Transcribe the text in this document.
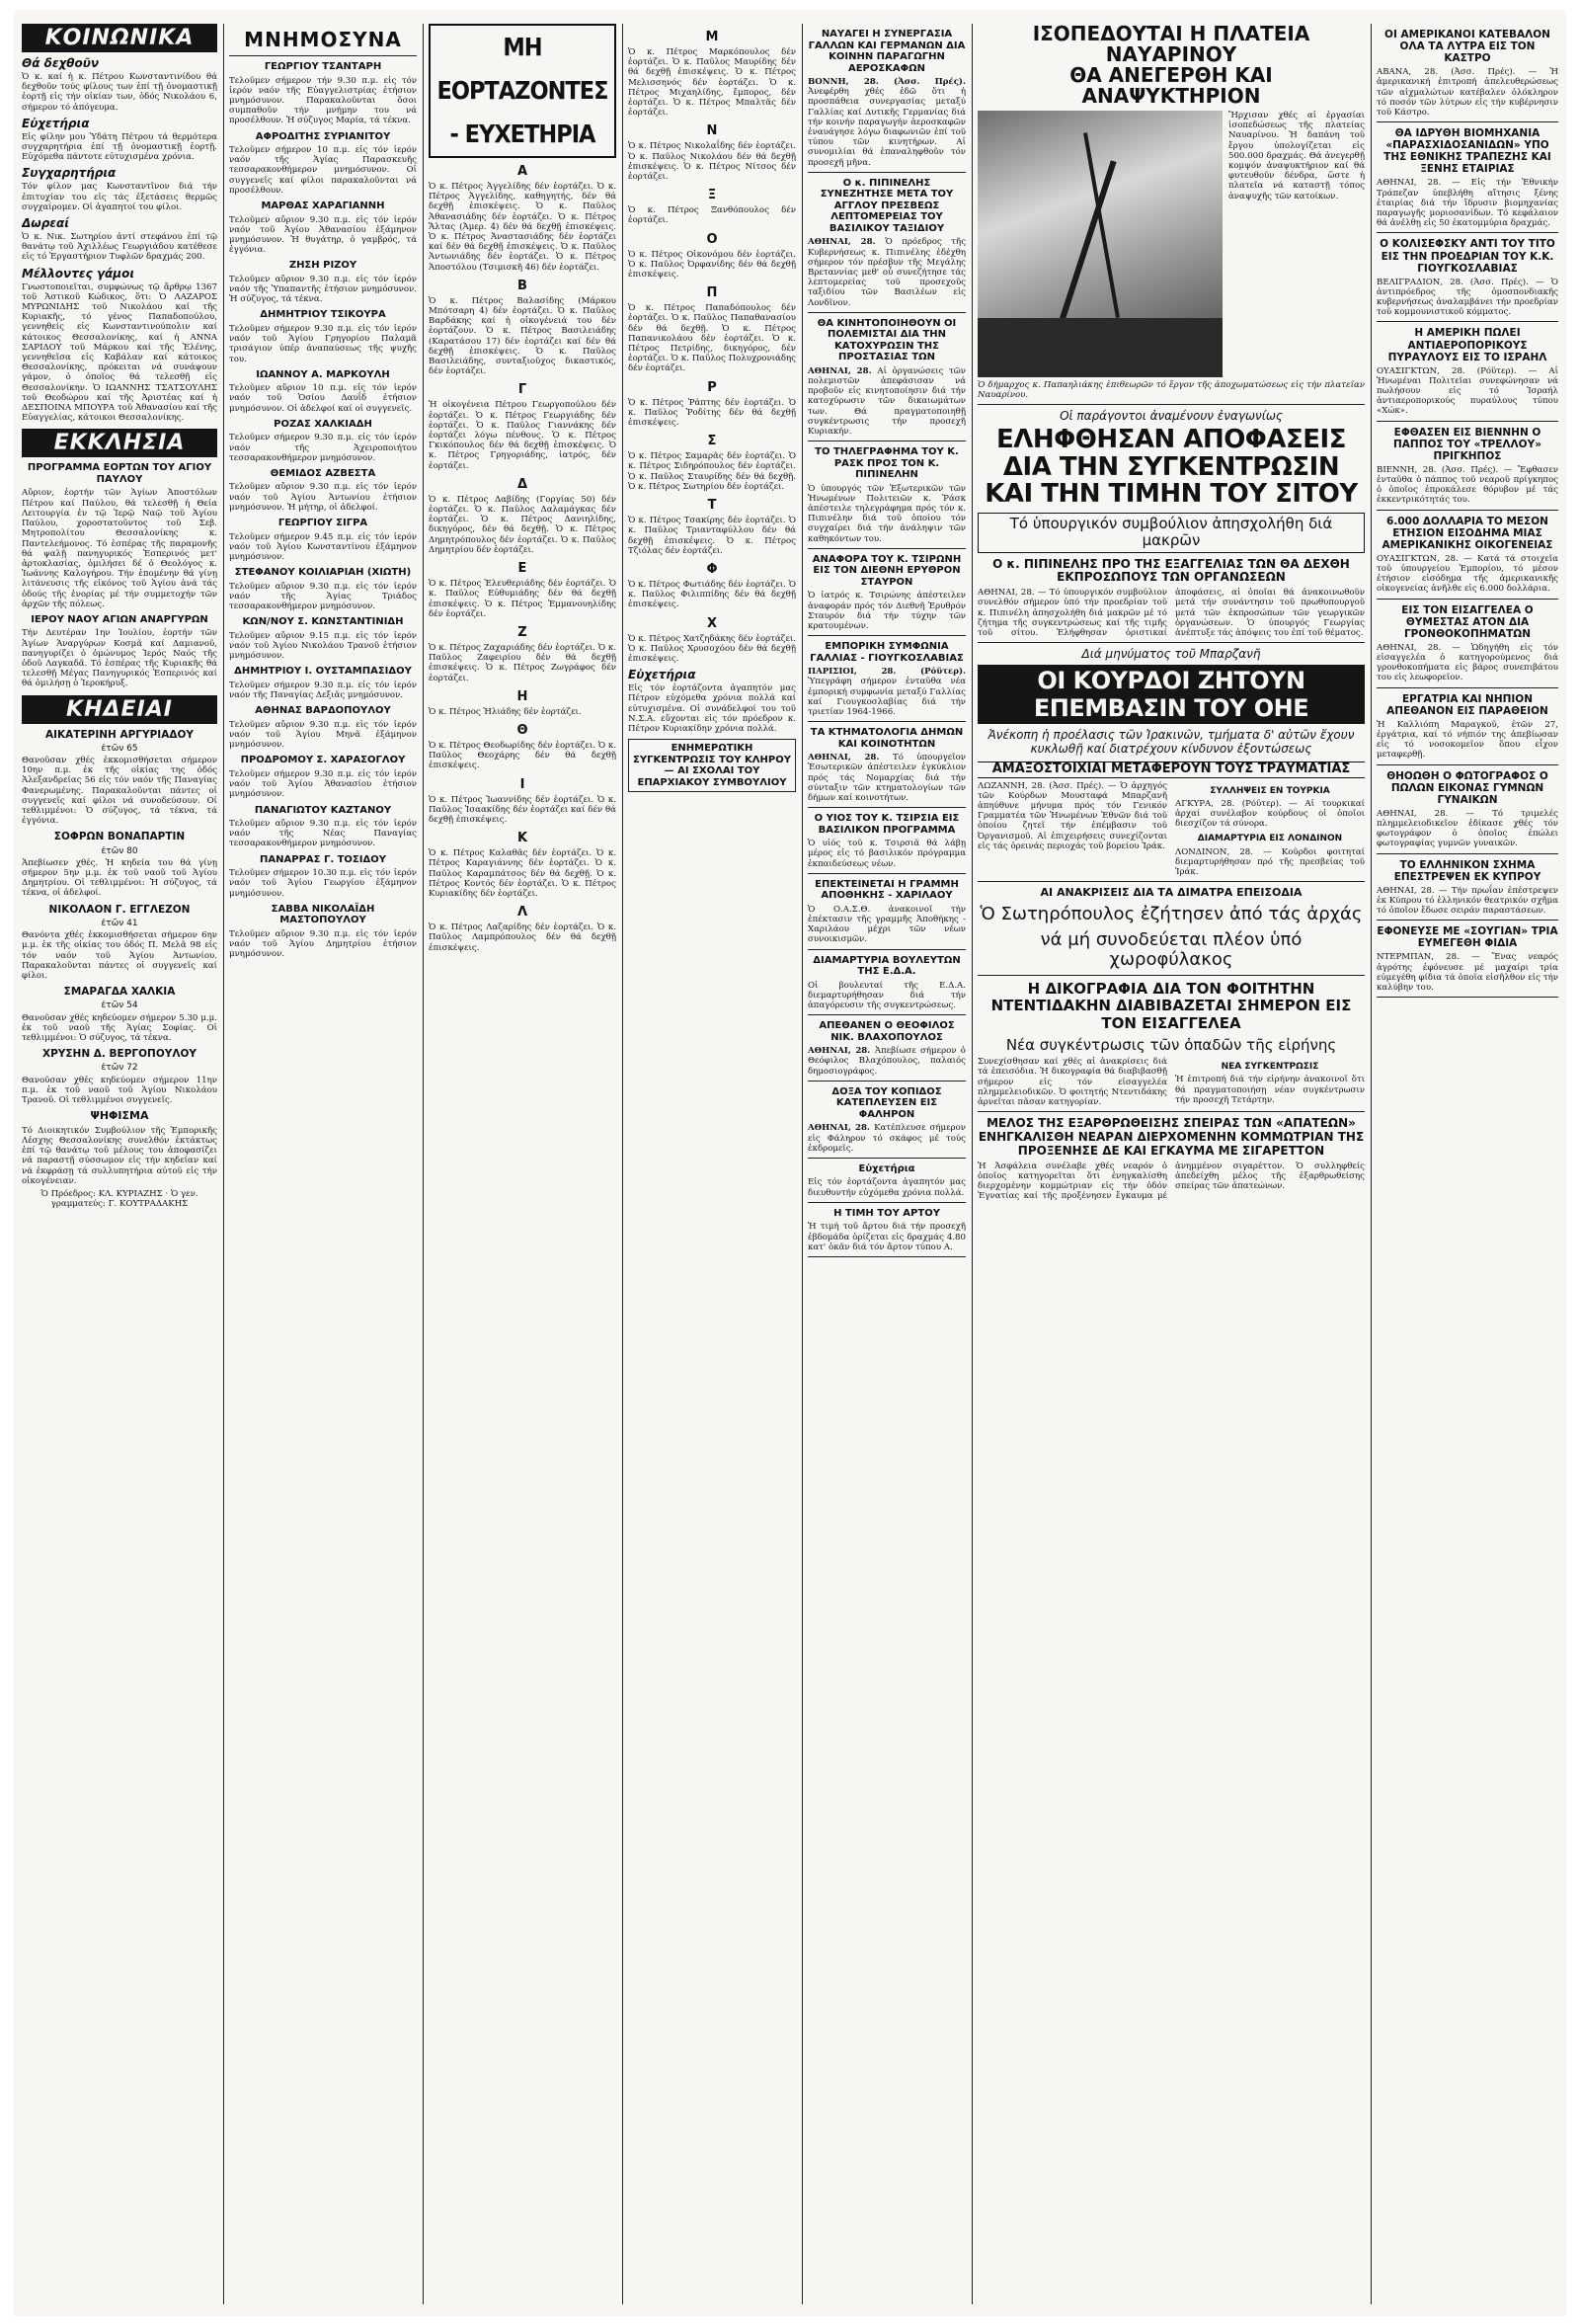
ΚΟΙΝΩΝΙΚΑ
Θά δεχθοῦν
Ὁ κ. καί ἡ κ. Πέτρου Κωνσταντινίδου θά δεχθοῦν τούς φίλους των ἐπί τῇ ὀνομαστικῇ ἑορτῇ εἰς τήν οἰκίαν των, ὁδός Νικολάου 6, σήμερον τό ἀπόγευμα.
Εὐχετήρια
Εἰς φίλην μου Ὑδάτη Πέτρου τά θερμότερα συγχαρητήρια ἐπί τῇ ὀνομαστικῇ ἑορτῇ. Εὐχόμεθα πάντοτε εὐτυχισμένα χρόνια.
Συγχαρητήρια
Τόν φίλον μας Κωνσταντῖνον διά τήν ἐπιτυχίαν του εἰς τάς ἐξετάσεις θερμῶς συγχαίρομεν. Οἱ ἀγαπητοί του φίλοι.
Δωρεαί
Ὁ κ. Νικ. Σωτηρίου ἀντί στεφάνου ἐπί τῷ θανάτῳ τοῦ Ἀχιλλέως Γεωργιάδου κατέθεσε εἰς τό Ἐργαστήριον Τυφλῶν δραχμάς 200.
Μέλλοντες γάμοι
Γνωστοποιεῖται, συμφώνως τῷ ἄρθρῳ 1367 τοῦ Ἀστικοῦ Κώδικος, ὅτι: Ὁ ΛΑΖΑΡΟΣ ΜΥΡΩΝΙΔΗΣ τοῦ Νικολάου καί τῆς Κυριακῆς, τό γένος Παπαδοπούλου, γεννηθείς εἰς Κωνσταντινούπολιν καί κάτοικος Θεσσαλονίκης, καί ἡ ΑΝΝΑ ΣΑΡΙΔΟΥ τοῦ Μάρκου καί τῆς Ἑλένης, γεννηθεῖσα εἰς Καβάλαν καί κάτοικος Θεσσαλονίκης, πρόκειται νά συνάψουν γάμον, ὁ ὁποῖος θά τελεσθῇ εἰς Θεσσαλονίκην. Ὁ ΙΩΑΝΝΗΣ ΤΣΑΤΣΟΥΛΗΣ τοῦ Θεοδώρου καί τῆς Ἀριστέας καί ἡ ΔΕΣΠΟΙΝΑ ΜΠΟΥΡΑ τοῦ Ἀθανασίου καί τῆς Εὐαγγελίας, κάτοικοι Θεσσαλονίκης.
ΕΚΚΛΗΣΙΑ
ΠΡΟΓΡΑΜΜΑ ΕΟΡΤΩΝ ΤΟΥ ΑΓΙΟΥ ΠΑΥΛΟΥ
Αὔριον, ἑορτήν τῶν Ἁγίων Ἀποστόλων Πέτρου καί Παύλου, θά τελεσθῇ ἡ Θεία Λειτουργία ἐν τῷ Ἱερῷ Ναῷ τοῦ Ἁγίου Παύλου, χοροστατοῦντος τοῦ Σεβ. Μητροπολίτου Θεσσαλονίκης κ. Παντελεήμονος. Τό ἑσπέρας τῆς παραμονῆς θά ψαλῇ πανηγυρικός Ἑσπερινός μετ' ἀρτοκλασίας, ὁμιλήσει δέ ὁ Θεολόγος κ. Ἰωάννης Καλογήρου. Τήν ἐπομένην θά γίνῃ λιτάνευσις τῆς εἰκόνος τοῦ Ἁγίου ἀνά τάς ὁδούς τῆς ἐνορίας μέ τήν συμμετοχήν τῶν ἀρχῶν τῆς πόλεως.
ΙΕΡΟΥ ΝΑΟΥ ΑΓΙΩΝ ΑΝΑΡΓΥΡΩΝ
Τήν Δευτέραν 1ην Ἰουλίου, ἑορτήν τῶν Ἁγίων Ἀναργύρων Κοσμᾶ καί Δαμιανοῦ, πανηγυρίζει ὁ ὁμώνυμος Ἱερός Ναός τῆς ὁδοῦ Λαγκαδᾶ. Τό ἑσπέρας τῆς Κυριακῆς θά τελεσθῇ Μέγας Πανηγυρικός Ἑσπερινός καί θά ὁμιλήσῃ ὁ Ἱεροκήρυξ.
ΚΗΔΕΙΑΙ
ΑΙΚΑΤΕΡΙΝΗ ΑΡΓΥΡΙΑΔΟΥ
ἐτῶν 65
Θανοῦσαν χθές ἐκκομισθήσεται σήμερον 10ην π.μ. ἐκ τῆς οἰκίας της ὁδός Ἀλεξανδρείας 56 εἰς τόν ναόν τῆς Παναγίας Φανερωμένης. Παρακαλοῦνται πάντες οἱ συγγενεῖς καί φίλοι νά συνοδεύσουν. Οἱ τεθλιμμένοι: Ὁ σύζυγος, τά τέκνα, τά ἐγγόνια.
ΣΟΦΡΩΝ ΒΟΝΑΠΑΡΤΙΝ
ἐτῶν 80
Ἀπεβίωσεν χθές. Ἡ κηδεία του θά γίνῃ σήμερον 5ην μ.μ. ἐκ τοῦ ναοῦ τοῦ Ἁγίου Δημητρίου. Οἱ τεθλιμμένοι: Ἡ σύζυγος, τά τέκνα, οἱ ἀδελφοί.
ΝΙΚΟΛΑΟΝ Γ. ΕΓΓΛΕΖΟΝ
ἐτῶν 41
Θανόντα χθές ἐκκομισθήσεται σήμερον 6ην μ.μ. ἐκ τῆς οἰκίας του ὁδός Π. Μελᾶ 98 εἰς τόν ναόν τοῦ Ἁγίου Ἀντωνίου. Παρακαλοῦνται πάντες οἱ συγγενεῖς καί φίλοι.
ΣΜΑΡΑΓΔΑ ΧΑΛΚΙΑ
ἐτῶν 54
Θανοῦσαν χθές κηδεύομεν σήμερον 5.30 μ.μ. ἐκ τοῦ ναοῦ τῆς Ἁγίας Σοφίας. Οἱ τεθλιμμένοι: Ὁ σύζυγος, τά τέκνα.
ΧΡΥΣΗΝ Δ. ΒΕΡΓΟΠΟΥΛΟΥ
ἐτῶν 72
Θανοῦσαν χθές κηδεύομεν σήμερον 11ην π.μ. ἐκ τοῦ ναοῦ τοῦ Ἁγίου Νικολάου Τρανοῦ. Οἱ τεθλιμμένοι συγγενεῖς.
ΨΗΦΙΣΜΑ
Τό Διοικητικόν Συμβούλιον τῆς Ἐμπορικῆς Λέσχης Θεσσαλονίκης συνελθόν ἐκτάκτως ἐπί τῷ θανάτῳ τοῦ μέλους του ἀποφασίζει νά παραστῇ σύσσωμον εἰς τήν κηδείαν καί νά ἐκφράσῃ τά συλλυπητήρια αὐτοῦ εἰς τήν οἰκογένειαν.
Ὁ Πρόεδρος: ΚΛ. ΚΥΡΙΑΖΗΣ · Ὁ γεν. γραμματεύς: Γ. ΚΟΥΤΡΑΔΑΚΗΣ
ΜΝΗΜΟΣΥΝΑ
ΓΕΩΡΓΙΟΥ ΤΣΑΝΤΑΡΗ
Τελοῦμεν σήμερον τήν 9.30 π.μ. εἰς τόν ἱερόν ναόν τῆς Εὐαγγελιστρίας ἐτήσιον μνημόσυνον. Παρακαλοῦνται ὅσοι συμπαθοῦν τήν μνήμην του νά προσέλθουν. Ἡ σύζυγος Μαρία, τά τέκνα.
ΑΦΡΟΔΙΤΗΣ ΣΥΡΙΑΝΙΤΟΥ
Τελοῦμεν σήμερον 10 π.μ. εἰς τόν ἱερόν ναόν τῆς Ἁγίας Παρασκευῆς τεσσαρακονθήμερον μνημόσυνον. Οἱ συγγενεῖς καί φίλοι παρακαλοῦνται νά προσέλθουν.
ΜΑΡΘΑΣ ΧΑΡΑΓΙΑΝΝΗ
Τελοῦμεν αὔριον 9.30 π.μ. εἰς τόν ἱερόν ναόν τοῦ Ἁγίου Ἀθανασίου ἐξάμηνον μνημόσυνον. Ἡ θυγάτηρ, ὁ γαμβρός, τά ἐγγόνια.
ΖΗΣΗ ΡΙΖΟΥ
Τελοῦμεν αὔριον 9.30 π.μ. εἰς τόν ἱερόν ναόν τῆς Ὑπαπαντῆς ἐτήσιον μνημόσυνον. Ἡ σύζυγος, τά τέκνα.
ΔΗΜΗΤΡΙΟΥ ΤΣΙΚΟΥΡΑ
Τελοῦμεν σήμερον 9.30 π.μ. εἰς τόν ἱερόν ναόν τοῦ Ἁγίου Γρηγορίου Παλαμᾶ τρισάγιον ὑπέρ ἀναπαύσεως τῆς ψυχῆς του.
ΙΩΑΝΝΟΥ Α. ΜΑΡΚΟΥΛΗ
Τελοῦμεν αὔριον 10 π.μ. εἰς τόν ἱερόν ναόν τοῦ Ὁσίου Δαυΐδ ἐτήσιον μνημόσυνον. Οἱ ἀδελφοί καί οἱ συγγενεῖς.
ΡΟΖΑΣ ΧΑΛΚΙΑΔΗ
Τελοῦμεν σήμερον 9.30 π.μ. εἰς τόν ἱερόν ναόν τῆς Ἀχειροποιήτου τεσσαρακονθήμερον μνημόσυνον.
ΘΕΜΙΔΟΣ ΑΖΒΕΣΤΑ
Τελοῦμεν αὔριον 9.30 π.μ. εἰς τόν ἱερόν ναόν τοῦ Ἁγίου Ἀντωνίου ἐτήσιον μνημόσυνον. Ἡ μήτηρ, οἱ ἀδελφοί.
ΓΕΩΡΓΙΟΥ ΣΙΓΡΑ
Τελοῦμεν σήμερον 9.45 π.μ. εἰς τόν ἱερόν ναόν τοῦ Ἁγίου Κωνσταντίνου ἐξάμηνον μνημόσυνον.
ΣΤΕΦΑΝΟΥ ΚΟΙΛΙΑΡΙΑΗ (ΧΙΩΤΗ)
Τελοῦμεν αὔριον 9.30 π.μ. εἰς τόν ἱερόν ναόν τῆς Ἁγίας Τριάδος τεσσαρακονθήμερον μνημόσυνον.
ΚΩΝ/ΝΟΥ Σ. ΚΩΝΣΤΑΝΤΙΝΙΔΗ
Τελοῦμεν αὔριον 9.15 π.μ. εἰς τόν ἱερόν ναόν τοῦ Ἁγίου Νικολάου Τρανοῦ ἐτήσιον μνημόσυνον.
ΔΗΜΗΤΡΙΟΥ Ι. ΟΥΣΤΑΜΠΑΣΙΔΟΥ
Τελοῦμεν σήμερον 9.30 π.μ. εἰς τόν ἱερόν ναόν τῆς Παναγίας Δεξιᾶς μνημόσυνον.
ΑΘΗΝΑΣ ΒΑΡΔΟΠΟΥΛΟΥ
Τελοῦμεν αὔριον 9.30 π.μ. εἰς τόν ἱερόν ναόν τοῦ Ἁγίου Μηνᾶ ἐξάμηνον μνημόσυνον.
ΠΡΟΔΡΟΜΟΥ Σ. ΧΑΡΑΣΟΓΛΟΥ
Τελοῦμεν σήμερον 9.30 π.μ. εἰς τόν ἱερόν ναόν τοῦ Ἁγίου Ἀθανασίου ἐτήσιον μνημόσυνον.
ΠΑΝΑΓΙΩΤΟΥ ΚΑΖΤΑΝΟΥ
Τελοῦμεν αὔριον 9.30 π.μ. εἰς τόν ἱερόν ναόν τῆς Νέας Παναγίας τεσσαρακονθήμερον μνημόσυνον.
ΠΑΝΑΡΡΑΣ Γ. ΤΟΣΙΔΟΥ
Τελοῦμεν σήμερον 10.30 π.μ. εἰς τόν ἱερόν ναόν τοῦ Ἁγίου Γεωργίου ἐξάμηνον μνημόσυνον.
ΣΑΒΒΑ ΝΙΚΟΛΑΪΔΗ ΜΑΣΤΟΠΟΥΛΟΥ
Τελοῦμεν αὔριον 9.30 π.μ. εἰς τόν ἱερόν ναόν τοῦ Ἁγίου Δημητρίου ἐτήσιον μνημόσυνον.
ΜΗ ΕΟΡΤΑΖΟΝΤΕΣ - ΕΥΧΕΤΗΡΙΑ
Α
Ὁ κ. Πέτρος Ἀγγελίδης δέν ἑορτάζει. Ὁ κ. Πέτρος Ἀγγελίδης, καθηγητής, δέν θά δεχθῇ ἐπισκέψεις. Ὁ κ. Παῦλος Ἀθανασιάδης δέν ἑορτάζει. Ὁ κ. Πέτρος Ἄλτας (Ἀμερ. 4) δέν θά δεχθῇ ἐπισκέψεις. Ὁ κ. Πέτρος Ἀναστασιάδης δέν ἑορτάζει καί δέν θά δεχθῇ ἐπισκέψεις. Ὁ κ. Παῦλος Ἀντωνιάδης δέν ἑορτάζει. Ὁ κ. Πέτρος Ἀποστόλου (Τσιμισκῆ 46) δέν ἑορτάζει.
Β
Ὁ κ. Πέτρος Βαλασίδης (Μάρκου Μπότσαρη 4) δέν ἑορτάζει. Ὁ κ. Παῦλος Βαρδάκης καί ἡ οἰκογένειά του δέν ἑορτάζουν. Ὁ κ. Πέτρος Βασιλειάδης (Καρατάσου 17) δέν ἑορτάζει καί δέν θά δεχθῇ ἐπισκέψεις. Ὁ κ. Παῦλος Βασιλειάδης, συνταξιοῦχος δικαστικός, δέν ἑορτάζει.
Γ
Ἡ οἰκογένεια Πέτρου Γεωργοπούλου δέν ἑορτάζει. Ὁ κ. Πέτρος Γεωργιάδης δέν ἑορτάζει. Ὁ κ. Παῦλος Γιαννάκης δέν ἑορτάζει λόγω πένθους. Ὁ κ. Πέτρος Γκικόπουλος δέν θά δεχθῇ ἐπισκέψεις. Ὁ κ. Πέτρος Γρηγοριάδης, ἰατρός, δέν ἑορτάζει.
Δ
Ὁ κ. Πέτρος Δαβίδης (Γοργίας 50) δέν ἑορτάζει. Ὁ κ. Παῦλος Δαλαμάγκας δέν ἑορτάζει. Ὁ κ. Πέτρος Δανιηλίδης, δικηγόρος, δέν θά δεχθῇ. Ὁ κ. Πέτρος Δημητρόπουλος δέν ἑορτάζει. Ὁ κ. Παῦλος Δημητρίου δέν ἑορτάζει.
Ε
Ὁ κ. Πέτρος Ἐλευθεριάδης δέν ἑορτάζει. Ὁ κ. Παῦλος Εὐθυμιάδης δέν θά δεχθῇ ἐπισκέψεις. Ὁ κ. Πέτρος Ἐμμανουηλίδης δέν ἑορτάζει.
Ζ
Ὁ κ. Πέτρος Ζαχαριάδης δέν ἑορτάζει. Ὁ κ. Παῦλος Ζαφειρίου δέν θά δεχθῇ ἐπισκέψεις. Ὁ κ. Πέτρος Ζωγράφος δέν ἑορτάζει.
Η
Ὁ κ. Πέτρος Ἡλιάδης δέν ἑορτάζει.
Θ
Ὁ κ. Πέτρος Θεοδωρίδης δέν ἑορτάζει. Ὁ κ. Παῦλος Θεοχάρης δέν θά δεχθῇ ἐπισκέψεις.
Ι
Ὁ κ. Πέτρος Ἰωαννίδης δέν ἑορτάζει. Ὁ κ. Παῦλος Ἰσαακίδης δέν ἑορτάζει καί δέν θά δεχθῇ ἐπισκέψεις.
Κ
Ὁ κ. Πέτρος Καλαθᾶς δέν ἑορτάζει. Ὁ κ. Πέτρος Καραγιάννης δέν ἑορτάζει. Ὁ κ. Παῦλος Καραμπάτσος δέν θά δεχθῇ. Ὁ κ. Πέτρος Κοντός δέν ἑορτάζει. Ὁ κ. Πέτρος Κυριακίδης δέν ἑορτάζει.
Λ
Ὁ κ. Πέτρος Λαζαρίδης δέν ἑορτάζει. Ὁ κ. Παῦλος Λαμπρόπουλος δέν θά δεχθῇ ἐπισκέψεις.
Μ
Ὁ κ. Πέτρος Μαρκόπουλος δέν ἑορτάζει. Ὁ κ. Παῦλος Μαυρίδης δέν θά δεχθῇ ἐπισκέψεις. Ὁ κ. Πέτρος Μελισσηνός δέν ἑορτάζει. Ὁ κ. Πέτρος Μιχαηλίδης, ἔμπορος, δέν ἑορτάζει. Ὁ κ. Πέτρος Μπαλτᾶς δέν ἑορτάζει.
Ν
Ὁ κ. Πέτρος Νικολαΐδης δέν ἑορτάζει. Ὁ κ. Παῦλος Νικολάου δέν θά δεχθῇ ἐπισκέψεις. Ὁ κ. Πέτρος Νίτσος δέν ἑορτάζει.
Ξ
Ὁ κ. Πέτρος Ξανθόπουλος δέν ἑορτάζει.
Ο
Ὁ κ. Πέτρος Οἰκονόμου δέν ἑορτάζει. Ὁ κ. Παῦλος Ὀρφανίδης δέν θά δεχθῇ ἐπισκέψεις.
Π
Ὁ κ. Πέτρος Παπαδόπουλος δέν ἑορτάζει. Ὁ κ. Παῦλος Παπαθανασίου δέν θά δεχθῇ. Ὁ κ. Πέτρος Παπανικολάου δέν ἑορτάζει. Ὁ κ. Πέτρος Πετρίδης, δικηγόρος, δέν ἑορτάζει. Ὁ κ. Παῦλος Πολυχρονιάδης δέν ἑορτάζει.
Ρ
Ὁ κ. Πέτρος Ῥάπτης δέν ἑορτάζει. Ὁ κ. Παῦλος Ῥοδίτης δέν θά δεχθῇ ἐπισκέψεις.
Σ
Ὁ κ. Πέτρος Σαμαρᾶς δέν ἑορτάζει. Ὁ κ. Πέτρος Σιδηρόπουλος δέν ἑορτάζει. Ὁ κ. Παῦλος Σταυρίδης δέν θά δεχθῇ. Ὁ κ. Πέτρος Σωτηρίου δέν ἑορτάζει.
Τ
Ὁ κ. Πέτρος Τσακίρης δέν ἑορτάζει. Ὁ κ. Παῦλος Τριανταφύλλου δέν θά δεχθῇ ἐπισκέψεις. Ὁ κ. Πέτρος Τζιόλας δέν ἑορτάζει.
Φ
Ὁ κ. Πέτρος Φωτιάδης δέν ἑορτάζει. Ὁ κ. Παῦλος Φιλιππίδης δέν θά δεχθῇ ἐπισκέψεις.
Χ
Ὁ κ. Πέτρος Χατζηδάκης δέν ἑορτάζει. Ὁ κ. Παῦλος Χρυσοχόου δέν θά δεχθῇ ἐπισκέψεις.
Εὐχετήρια
Εἰς τόν ἑορτάζοντα ἀγαπητόν μας Πέτρον εὐχόμεθα χρόνια πολλά καί εὐτυχισμένα. Οἱ συνάδελφοί του τοῦ Ν.Σ.Α. εὔχονται εἰς τόν πρόεδρον κ. Πέτρον Κυριακίδην χρόνια πολλά.
ΕΝΗΜΕΡΩΤΙΚΗ ΣΥΓΚΕΝΤΡΩΣΙΣ ΤΟΥ ΚΛΗΡΟΥ — ΑΙ ΣΧΟΛΑΙ ΤΟΥ ΕΠΑΡΧΙΑΚΟΥ ΣΥΜΒΟΥΛΙΟΥ
ΝΑΥΑΓΕΙ Η ΣΥΝΕΡΓΑΣΙΑ ΓΑΛΛΩΝ ΚΑΙ ΓΕΡΜΑΝΩΝ ΔΙΑ ΚΟΙΝΗΝ ΠΑΡΑΓΩΓΗΝ ΑΕΡΟΣΚΑΦΩΝ
ΒΟΝΝΗ, 28. (Ἀσσ. Πρές). Ἀνεφέρθη χθές ἐδῶ ὅτι ἡ προσπάθεια συνεργασίας μεταξύ Γαλλίας καί Δυτικῆς Γερμανίας διά τήν κοινήν παραγωγήν ἀεροσκαφῶν ἐναυάγησε λόγω διαφωνιῶν ἐπί τοῦ τύπου τῶν κινητήρων. Αἱ συνομιλίαι θά ἐπαναληφθοῦν τόν προσεχῆ μῆνα.
Ο κ. ΠΙΠΙΝΕΛΗΣ ΣΥΝΕΖΗΤΗΣΕ ΜΕΤΑ ΤΟΥ ΑΓΓΛΟΥ ΠΡΕΣΒΕΩΣ ΛΕΠΤΟΜΕΡΕΙΑΣ ΤΟΥ ΒΑΣΙΛΙΚΟΥ ΤΑΞΙΔΙΟΥ
ΑΘΗΝΑΙ, 28. Ὁ πρόεδρος τῆς Κυβερνήσεως κ. Πιπινέλης ἐδέχθη σήμερον τόν πρέσβυν τῆς Μεγάλης Βρεταννίας μεθ' οὗ συνεζήτησε τάς λεπτομερείας τοῦ προσεχοῦς ταξιδίου τῶν Βασιλέων εἰς Λονδῖνον.
ΘΑ ΚΙΝΗΤΟΠΟΙΗΘΟΥΝ ΟΙ ΠΟΛΕΜΙΣΤΑΙ ΔΙΑ ΤΗΝ ΚΑΤΟΧΥΡΩΣΙΝ ΤΗΣ ΠΡΟΣΤΑΣΙΑΣ ΤΩΝ
ΑΘΗΝΑΙ, 28. Αἱ ὀργανώσεις τῶν πολεμιστῶν ἀπεφάσισαν νά προβοῦν εἰς κινητοποίησιν διά τήν κατοχύρωσιν τῶν δικαιωμάτων των. Θά πραγματοποιηθῇ συγκέντρωσις τήν προσεχῆ Κυριακήν.
ΤΟ ΤΗΛΕΓΡΑΦΗΜΑ ΤΟΥ Κ. ΡΑΣΚ ΠΡΟΣ ΤΟΝ Κ. ΠΙΠΙΝΕΛΗΝ
Ὁ ὑπουργός τῶν Ἐξωτερικῶν τῶν Ἡνωμένων Πολιτειῶν κ. Ῥάσκ ἀπέστειλε τηλεγράφημα πρός τόν κ. Πιπινέλην διά τοῦ ὁποίου τόν συγχαίρει διά τήν ἀνάληψιν τῶν καθηκόντων του.
ΑΝΑΦΟΡΑ ΤΟΥ Κ. ΤΣΙΡΩΝΗ ΕΙΣ ΤΟΝ ΔΙΕΘΝΗ ΕΡΥΘΡΟΝ ΣΤΑΥΡΟΝ
Ὁ ἰατρός κ. Τσιρώνης ἀπέστειλεν ἀναφοράν πρός τόν Διεθνῆ Ἐρυθρόν Σταυρόν διά τήν τύχην τῶν κρατουμένων.
ΕΜΠΟΡΙΚΗ ΣΥΜΦΩΝΙΑ ΓΑΛΛΙΑΣ - ΓΙΟΥΓΚΟΣΛΑΒΙΑΣ
ΠΑΡΙΣΙΟΙ, 28. (Ρόϋτερ). Ὑπεγράφη σήμερον ἐνταῦθα νέα ἐμπορική συμφωνία μεταξύ Γαλλίας καί Γιουγκοσλαβίας διά τήν τριετίαν 1964-1966.
ΤΑ ΚΤΗΜΑΤΟΛΟΓΙΑ ΔΗΜΩΝ ΚΑΙ ΚΟΙΝΟΤΗΤΩΝ
ΑΘΗΝΑΙ, 28. Τό ὑπουργεῖον Ἐσωτερικῶν ἀπέστειλεν ἐγκύκλιον πρός τάς Νομαρχίας διά τήν σύνταξιν τῶν κτηματολογίων τῶν δήμων καί κοινοτήτων.
Ο ΥΙΟΣ ΤΟΥ Κ. ΤΣΙΡΣΙΑ ΕΙΣ ΒΑΣΙΛΙΚΟΝ ΠΡΟΓΡΑΜΜΑ
Ὁ υἱός τοῦ κ. Τσιρσιᾶ θά λάβῃ μέρος εἰς τό βασιλικόν πρόγραμμα ἐκπαιδεύσεως νέων.
ΕΠΕΚΤΕΙΝΕΤΑΙ Η ΓΡΑΜΜΗ ΑΠΟΘΗΚΗΣ - ΧΑΡΙΛΑΟΥ
Ὁ Ο.Α.Σ.Θ. ἀνακοινοῖ τήν ἐπέκτασιν τῆς γραμμῆς Ἀποθήκης - Χαριλάου μέχρι τῶν νέων συνοικισμῶν.
ΔΙΑΜΑΡΤΥΡΙΑ ΒΟΥΛΕΥΤΩΝ ΤΗΣ Ε.Δ.Α.
Οἱ βουλευταί τῆς Ε.Δ.Α. διεμαρτυρήθησαν διά τήν ἀπαγόρευσιν τῆς συγκεντρώσεως.
ΑΠΕΘΑΝΕΝ Ο ΘΕΟΦΙΛΟΣ ΝΙΚ. ΒΛΑΧΟΠΟΥΛΟΣ
ΑΘΗΝΑΙ, 28. Ἀπεβίωσε σήμερον ὁ Θεόφιλος Βλαχόπουλος, παλαιός δημοσιογράφος.
ΔΟΞΑ ΤΟΥ ΚΟΠΙΔΟΣ ΚΑΤΕΠΛΕΥΣΕΝ ΕΙΣ ΦΑΛΗΡΟΝ
ΑΘΗΝΑΙ, 28. Κατέπλευσε σήμερον εἰς Φάληρον τό σκάφος μέ τούς ἐκδρομεῖς.
Εὐχετήρια
Εἰς τόν ἑορτάζοντα ἀγαπητόν μας διευθυντήν εὐχόμεθα χρόνια πολλά.
Η ΤΙΜΗ ΤΟΥ ΑΡΤΟΥ
Ἡ τιμή τοῦ ἄρτου διά τήν προσεχῆ ἑβδομάδα ὁρίζεται εἰς δραχμάς 4.80 κατ' ὀκᾶν διά τόν ἄρτον τύπου Α.
ΙΣΟΠΕΔΟΥΤΑΙ Η ΠΛΑΤΕΙΑ ΝΑΥΑΡΙΝΟΥ
ΘΑ ΑΝΕΓΕΡΘΗ ΚΑΙ ΑΝΑΨΥΚΤΗΡΙΟΝ
Ἤρχισαν χθές αἱ ἐργασίαι ἰσοπεδώσεως τῆς πλατείας Ναυαρίνου. Ἡ δαπάνη τοῦ ἔργου ὑπολογίζεται εἰς 500.000 δραχμάς. Θά ἀνεγερθῇ κομψόν ἀναψυκτήριον καί θά φυτευθοῦν δένδρα, ὥστε ἡ πλατεῖα νά καταστῇ τόπος ἀναψυχῆς τῶν κατοίκων.
Ὁ δήμαρχος κ. Παπαηλιάκης ἐπιθεωρῶν τό ἔργον τῆς ἀποχωματώσεως εἰς τήν πλατεῖαν Ναυαρίνου.
Οἱ παράγοντοι ἀναμένουν ἐναγωνίως
ΕΛΗΦΘΗΣΑΝ ΑΠΟΦΑΣΕΙΣ ΔΙΑ ΤΗΝ ΣΥΓΚΕΝΤΡΩΣΙΝ ΚΑΙ ΤΗΝ ΤΙΜΗΝ ΤΟΥ ΣΙΤΟΥ
Τό ὑπουργικόν συμβούλιον ἀπησχολήθη διά μακρῶν
Ο κ. ΠΙΠΙΝΕΛΗΣ ΠΡΟ ΤΗΣ ΕΞΑΓΓΕΛΙΑΣ ΤΩΝ ΘΑ ΔΕΧΘΗ ΕΚΠΡΟΣΩΠΟΥΣ ΤΩΝ ΟΡΓΑΝΩΣΕΩΝ
ΑΘΗΝΑΙ, 28. — Τό ὑπουργικόν συμβούλιον συνελθόν σήμερον ὑπό τήν προεδρίαν τοῦ κ. Πιπινέλη ἀπησχολήθη διά μακρῶν μέ τό ζήτημα τῆς συγκεντρώσεως καί τῆς τιμῆς τοῦ σίτου. Ἐλήφθησαν ὁριστικαί ἀποφάσεις, αἱ ὁποῖαι θά ἀνακοινωθοῦν μετά τήν συνάντησιν τοῦ πρωθυπουργοῦ μετά τῶν ἐκπροσώπων τῶν γεωργικῶν ὀργανώσεων. Ὁ ὑπουργός Γεωργίας ἀνέπτυξε τάς ἀπόψεις του ἐπί τοῦ θέματος.
Διά μηνύματος τοῦ Μπαρζανῆ
ΟΙ ΚΟΥΡΔΟΙ ΖΗΤΟΥΝ ΕΠΕΜΒΑΣΙΝ ΤΟΥ ΟΗΕ
Ἀνέκοπη ἡ προέλασις τῶν Ἰρακινῶν, τμήματα δ' αὐτῶν ἔχουν κυκλωθῇ καί διατρέχουν κίνδυνον ἐξοντώσεως
ΑΜΑΞΟΣΤΟΙΧΙΑΙ ΜΕΤΑΦΕΡΟΥΝ ΤΟΥΣ ΤΡΑΥΜΑΤΙΑΣ
ΛΩΖΑΝΝΗ, 28. (Ἀσσ. Πρές). — Ὁ ἀρχηγός τῶν Κούρδων Μουσταφά Μπαρζανῆ ἀπηύθυνε μήνυμα πρός τόν Γενικόν Γραμματέα τῶν Ἡνωμένων Ἐθνῶν διά τοῦ ὁποίου ζητεῖ τήν ἐπέμβασιν τοῦ Ὀργανισμοῦ. Αἱ ἐπιχειρήσεις συνεχίζονται εἰς τάς ὀρεινάς περιοχάς τοῦ βορείου Ἰράκ.
ΣΥΛΛΗΨΕΙΣ ΕΝ ΤΟΥΡΚΙΑ
ΑΓΚΥΡΑ, 28. (Ρόϋτερ). — Αἱ τουρκικαί ἀρχαί συνέλαβον κούρδους οἱ ὁποῖοι διεσχίζον τά σύνορα.
ΔΙΑΜΑΡΤΥΡΙΑ ΕΙΣ ΛΟΝΔΙΝΟΝ
ΛΟΝΔΙΝΟΝ, 28. — Κοῦρδοι φοιτηταί διεμαρτυρήθησαν πρό τῆς πρεσβείας τοῦ Ἰράκ.
ΑΙ ΑΝΑΚΡΙΣΕΙΣ ΔΙΑ ΤΑ ΔΙΜΑΤΡΑ ΕΠΕΙΣΟΔΙΑ
Ὁ Σωτηρόπουλος ἐζήτησεν ἀπό τάς ἀρχάς
νά μή συνοδεύεται πλέον ὑπό χωροφύλακος
Η ΔΙΚΟΓΡΑΦΙΑ ΔΙΑ ΤΟΝ ΦΟΙΤΗΤΗΝ ΝΤΕΝΤΙΔΑΚΗΝ ΔΙΑΒΙΒΑΖΕΤΑΙ ΣΗΜΕΡΟΝ ΕΙΣ ΤΟΝ ΕΙΣΑΓΓΕΛΕΑ
Νέα συγκέντρωσις τῶν ὀπαδῶν τῆς εἰρήνης
Συνεχίσθησαν καί χθές αἱ ἀνακρίσεις διά τά ἐπεισόδια. Ἡ δικογραφία θά διαβιβασθῇ σήμερον εἰς τόν εἰσαγγελέα πλημμελειοδικῶν. Ὁ φοιτητής Ντεντιδάκης ἀρνεῖται πᾶσαν κατηγορίαν.
ΝΕΑ ΣΥΓΚΕΝΤΡΩΣΙΣ
Ἡ ἐπιτροπή διά τήν εἰρήνην ἀνακοινοῖ ὅτι θά πραγματοποιήσῃ νέαν συγκέντρωσιν τήν προσεχῆ Τετάρτην.
ΜΕΛΟΣ ΤΗΣ ΕΞΑΡΘΡΩΘΕΙΣΗΣ ΣΠΕΙΡΑΣ ΤΩΝ «ΑΠΑΤΕΩΝ» ΕΝΗΓΚΑΛΙΣΘΗ ΝΕΑΡΑΝ ΔΙΕΡΧΟΜΕΝΗΝ ΚΟΜΜΩΤΡΙΑΝ ΤΗΣ ΠΡΟΞΕΝΗΣΕ ΔΕ ΚΑΙ ΕΓΚΑΥΜΑ ΜΕ ΣΙΓΑΡΕΤΤΟΝ
Ἡ Ἀσφάλεια συνέλαβε χθές νεαρόν ὁ ὁποῖος κατηγορεῖται ὅτι ἐνηγκαλίσθη διερχομένην κομμώτριαν εἰς τήν ὁδόν Ἐγνατίας καί τῆς προξένησεν ἔγκαυμα μέ ἀνημμένον σιγαρέττον. Ὁ συλληφθείς ἀπεδείχθη μέλος τῆς ἐξαρθρωθείσης σπείρας τῶν ἀπατεώνων.
ΟΙ ΑΜΕΡΙΚΑΝΟΙ ΚΑΤΕΒΑΛΟΝ ΟΛΑ ΤΑ ΛΥΤΡΑ ΕΙΣ ΤΟΝ ΚΑΣΤΡΟ
ΑΒΑΝΑ, 28. (Ἀσσ. Πρές). — Ἡ ἀμερικανική ἐπιτροπή ἀπελευθερώσεως τῶν αἰχμαλώτων κατέβαλεν ὁλόκληρον τό ποσόν τῶν λύτρων εἰς τήν κυβέρνησιν τοῦ Κάστρο.
ΘΑ ΙΔΡΥΘΗ ΒΙΟΜΗΧΑΝΙΑ «ΠΑΡΑΣΧΙΔΟΣΑΝΙΔΩΝ» ΥΠΟ ΤΗΣ ΕΘΝΙΚΗΣ ΤΡΑΠΕΖΗΣ ΚΑΙ ΞΕΝΗΣ ΕΤΑΙΡΙΑΣ
ΑΘΗΝΑΙ, 28. — Εἰς τήν Ἐθνικήν Τράπεζαν ὑπεβλήθη αἴτησις ξένης ἑταιρίας διά τήν ἵδρυσιν βιομηχανίας παραγωγῆς μοριοσανίδων. Τό κεφάλαιον θά ἀνέλθῃ εἰς 50 ἑκατομμύρια δραχμάς.
Ο ΚΟΛΙΣΕΦΣΚΥ ΑΝΤΙ ΤΟΥ ΤΙΤΟ ΕΙΣ ΤΗΝ ΠΡΟΕΔΡΙΑΝ ΤΟΥ Κ.Κ. ΓΙΟΥΓΚΟΣΛΑΒΙΑΣ
ΒΕΛΙΓΡΑΔΙΟΝ, 28. (Ἀσσ. Πρές). — Ὁ ἀντιπρόεδρος τῆς ὁμοσπονδιακῆς κυβερνήσεως ἀναλαμβάνει τήν προεδρίαν τοῦ κομμουνιστικοῦ κόμματος.
Η ΑΜΕΡΙΚΗ ΠΩΛΕΙ ΑΝΤΙΑΕΡΟΠΟΡΙΚΟΥΣ ΠΥΡΑΥΛΟΥΣ ΕΙΣ ΤΟ ΙΣΡΑΗΛ
ΟΥΑΣΙΓΚΤΩΝ, 28. (Ρόϋτερ). — Αἱ Ἡνωμέναι Πολιτεῖαι συνεφώνησαν νά πωλήσουν εἰς τό Ἰσραήλ ἀντιαεροπορικούς πυραύλους τύπου «Χώκ».
ΕΦΘΑΣΕΝ ΕΙΣ ΒΙΕΝΝΗΝ Ο ΠΑΠΠΟΣ ΤΟΥ «ΤΡΕΛΛΟΥ» ΠΡΙΓΚΗΠΟΣ
ΒΙΕΝΝΗ, 28. (Ἀσσ. Πρές). — Ἔφθασεν ἐνταῦθα ὁ πάππος τοῦ νεαροῦ πρίγκηπος ὁ ὁποῖος ἐπροκάλεσε θόρυβον μέ τάς ἐκκεντρικότητάς του.
6.000 ΔΟΛΛΑΡΙΑ ΤΟ ΜΕΣΟΝ ΕΤΗΣΙΟΝ ΕΙΣΟΔΗΜΑ ΜΙΑΣ ΑΜΕΡΙΚΑΝΙΚΗΣ ΟΙΚΟΓΕΝΕΙΑΣ
ΟΥΑΣΙΓΚΤΩΝ, 28. — Κατά τά στοιχεῖα τοῦ ὑπουργείου Ἐμπορίου, τό μέσον ἐτήσιον εἰσόδημα τῆς ἀμερικανικῆς οἰκογενείας ἀνῆλθε εἰς 6.000 δολλάρια.
ΕΙΣ ΤΟΝ ΕΙΣΑΓΓΕΛΕΑ Ο ΘΥΜΕΣΤΑΣ ΑΤΟΝ ΔΙΑ ΓΡΟΝΘΟΚΟΠΗΜΑΤΩΝ
ΑΘΗΝΑΙ, 28. — Ὡδηγήθη εἰς τόν εἰσαγγελέα ὁ κατηγορούμενος διά γρονθοκοπήματα εἰς βάρος συνεπιβάτου του εἰς λεωφορεῖον.
ΕΡΓΑΤΡΙΑ ΚΑΙ ΝΗΠΙΟΝ ΑΠΕΘΑΝΟΝ ΕΙΣ ΠΑΡΑΘΕΙΟΝ
Ἡ Καλλιόπη Μαραγκοῦ, ἐτῶν 27, ἐργάτρια, καί τό νήπιόν της ἀπεβίωσαν εἰς τό νοσοκομεῖον ὅπου εἶχον μεταφερθῇ.
ΘΗΟΩΘΗ Ο ΦΩΤΟΓΡΑΦΟΣ Ο ΠΩΛΩΝ ΕΙΚΟΝΑΣ ΓΥΜΝΩΝ ΓΥΝΑΙΚΩΝ
ΑΘΗΝΑΙ, 28. — Τό τριμελές πλημμελειοδικεῖον ἐδίκασε χθές τόν φωτογράφον ὁ ὁποῖος ἐπώλει φωτογραφίας γυμνῶν γυναικῶν.
ΤΟ ΕΛΛΗΝΙΚΟΝ ΣΧΗΜΑ ΕΠΕΣΤΡΕΨΕΝ ΕΚ ΚΥΠΡΟΥ
ΑΘΗΝΑΙ, 28. — Τήν πρωΐαν ἐπέστρεψεν ἐκ Κύπρου τό ἑλληνικόν θεατρικόν σχῆμα τό ὁποῖον ἔδωσε σειράν παραστάσεων.
ΕΦΟΝΕΥΣΕ ΜΕ «ΣΟΥΓΙΑΝ» ΤΡΙΑ ΕΥΜΕΓΕΘΗ ΦΙΔΙΑ
ΝΤΕΡΜΠΑΝ, 28. — Ἕνας νεαρός ἀγρότης ἐφόνευσε μέ μαχαίρι τρία εὐμεγέθη φίδια τά ὁποῖα εἰσῆλθον εἰς τήν καλύβην του.
